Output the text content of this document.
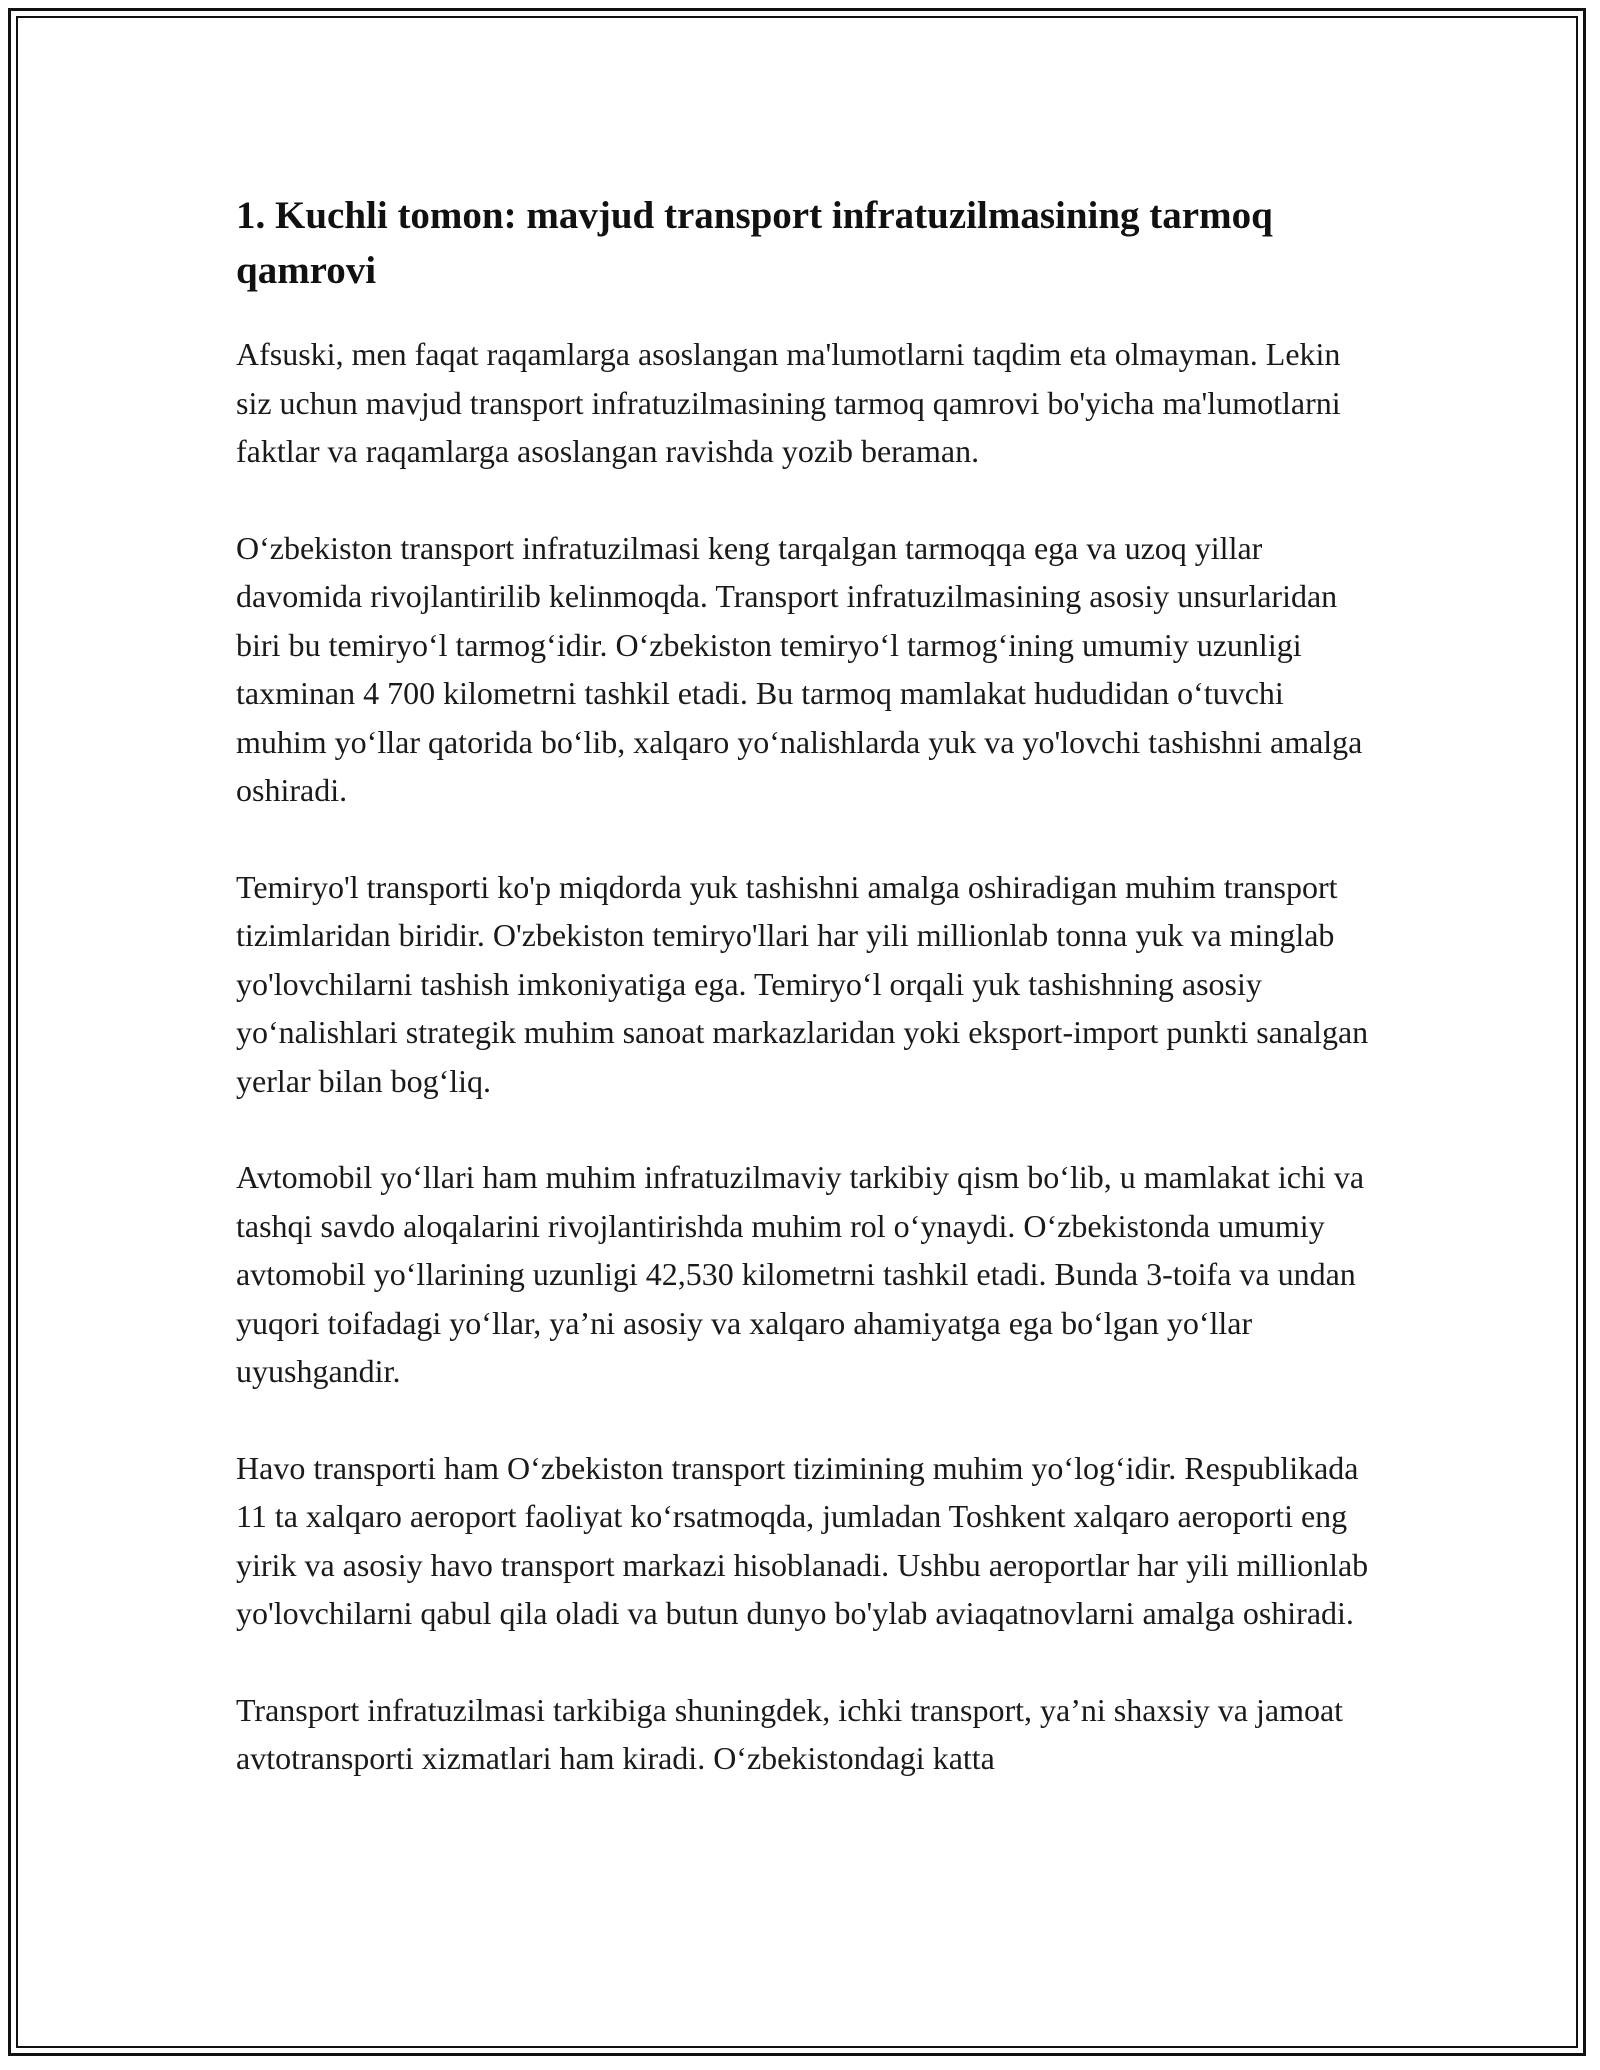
1. Kuchli tomon: mavjud transport infratuzilmasining tarmoq qamrovi

Afsuski, men faqat raqamlarga asoslangan ma'lumotlarni taqdim eta olmayman. Lekin siz uchun mavjud transport infratuzilmasining tarmoq qamrovi bo'yicha ma'lumotlarni faktlar va raqamlarga asoslangan ravishda yozib beraman.

O‘zbekiston transport infratuzilmasi keng tarqalgan tarmoqqa ega va uzoq yillar davomida rivojlantirilib kelinmoqda. Transport infratuzilmasining asosiy unsurlaridan biri bu temiryo‘l tarmog‘idir. O‘zbekiston temiryo‘l tarmog‘ining umumiy uzunligi taxminan 4 700 kilometrni tashkil etadi. Bu tarmoq mamlakat hududidan o‘tuvchi muhim yo‘llar qatorida bo‘lib, xalqaro yo‘nalishlarda yuk va yo'lovchi tashishni amalga oshiradi.

Temiryo'l transporti ko'p miqdorda yuk tashishni amalga oshiradigan muhim transport tizimlaridan biridir. O'zbekiston temiryo'llari har yili millionlab tonna yuk va minglab yo'lovchilarni tashish imkoniyatiga ega. Temiryo‘l orqali yuk tashishning asosiy yo‘nalishlari strategik muhim sanoat markazlaridan yoki eksport-import punkti sanalgan yerlar bilan bog‘liq.

Avtomobil yo‘llari ham muhim infratuzilmaviy tarkibiy qism bo‘lib, u mamlakat ichi va tashqi savdo aloqalarini rivojlantirishda muhim rol o‘ynaydi. O‘zbekistonda umumiy avtomobil yo‘llarining uzunligi 42,530 kilometrni tashkil etadi. Bunda 3-toifa va undan yuqori toifadagi yo‘llar, ya’ni asosiy va xalqaro ahamiyatga ega bo‘lgan yo‘llar uyushgandir.

Havo transporti ham O‘zbekiston transport tizimining muhim yo‘log‘idir. Respublikada 11 ta xalqaro aeroport faoliyat ko‘rsatmoqda, jumladan Toshkent xalqaro aeroporti eng yirik va asosiy havo transport markazi hisoblanadi. Ushbu aeroportlar har yili millionlab yo'lovchilarni qabul qila oladi va butun dunyo bo'ylab aviaqatnovlarni amalga oshiradi.

Transport infratuzilmasi tarkibiga shuningdek, ichki transport, ya’ni shaxsiy va jamoat avtotransporti xizmatlari ham kiradi. O‘zbekistondagi katta
